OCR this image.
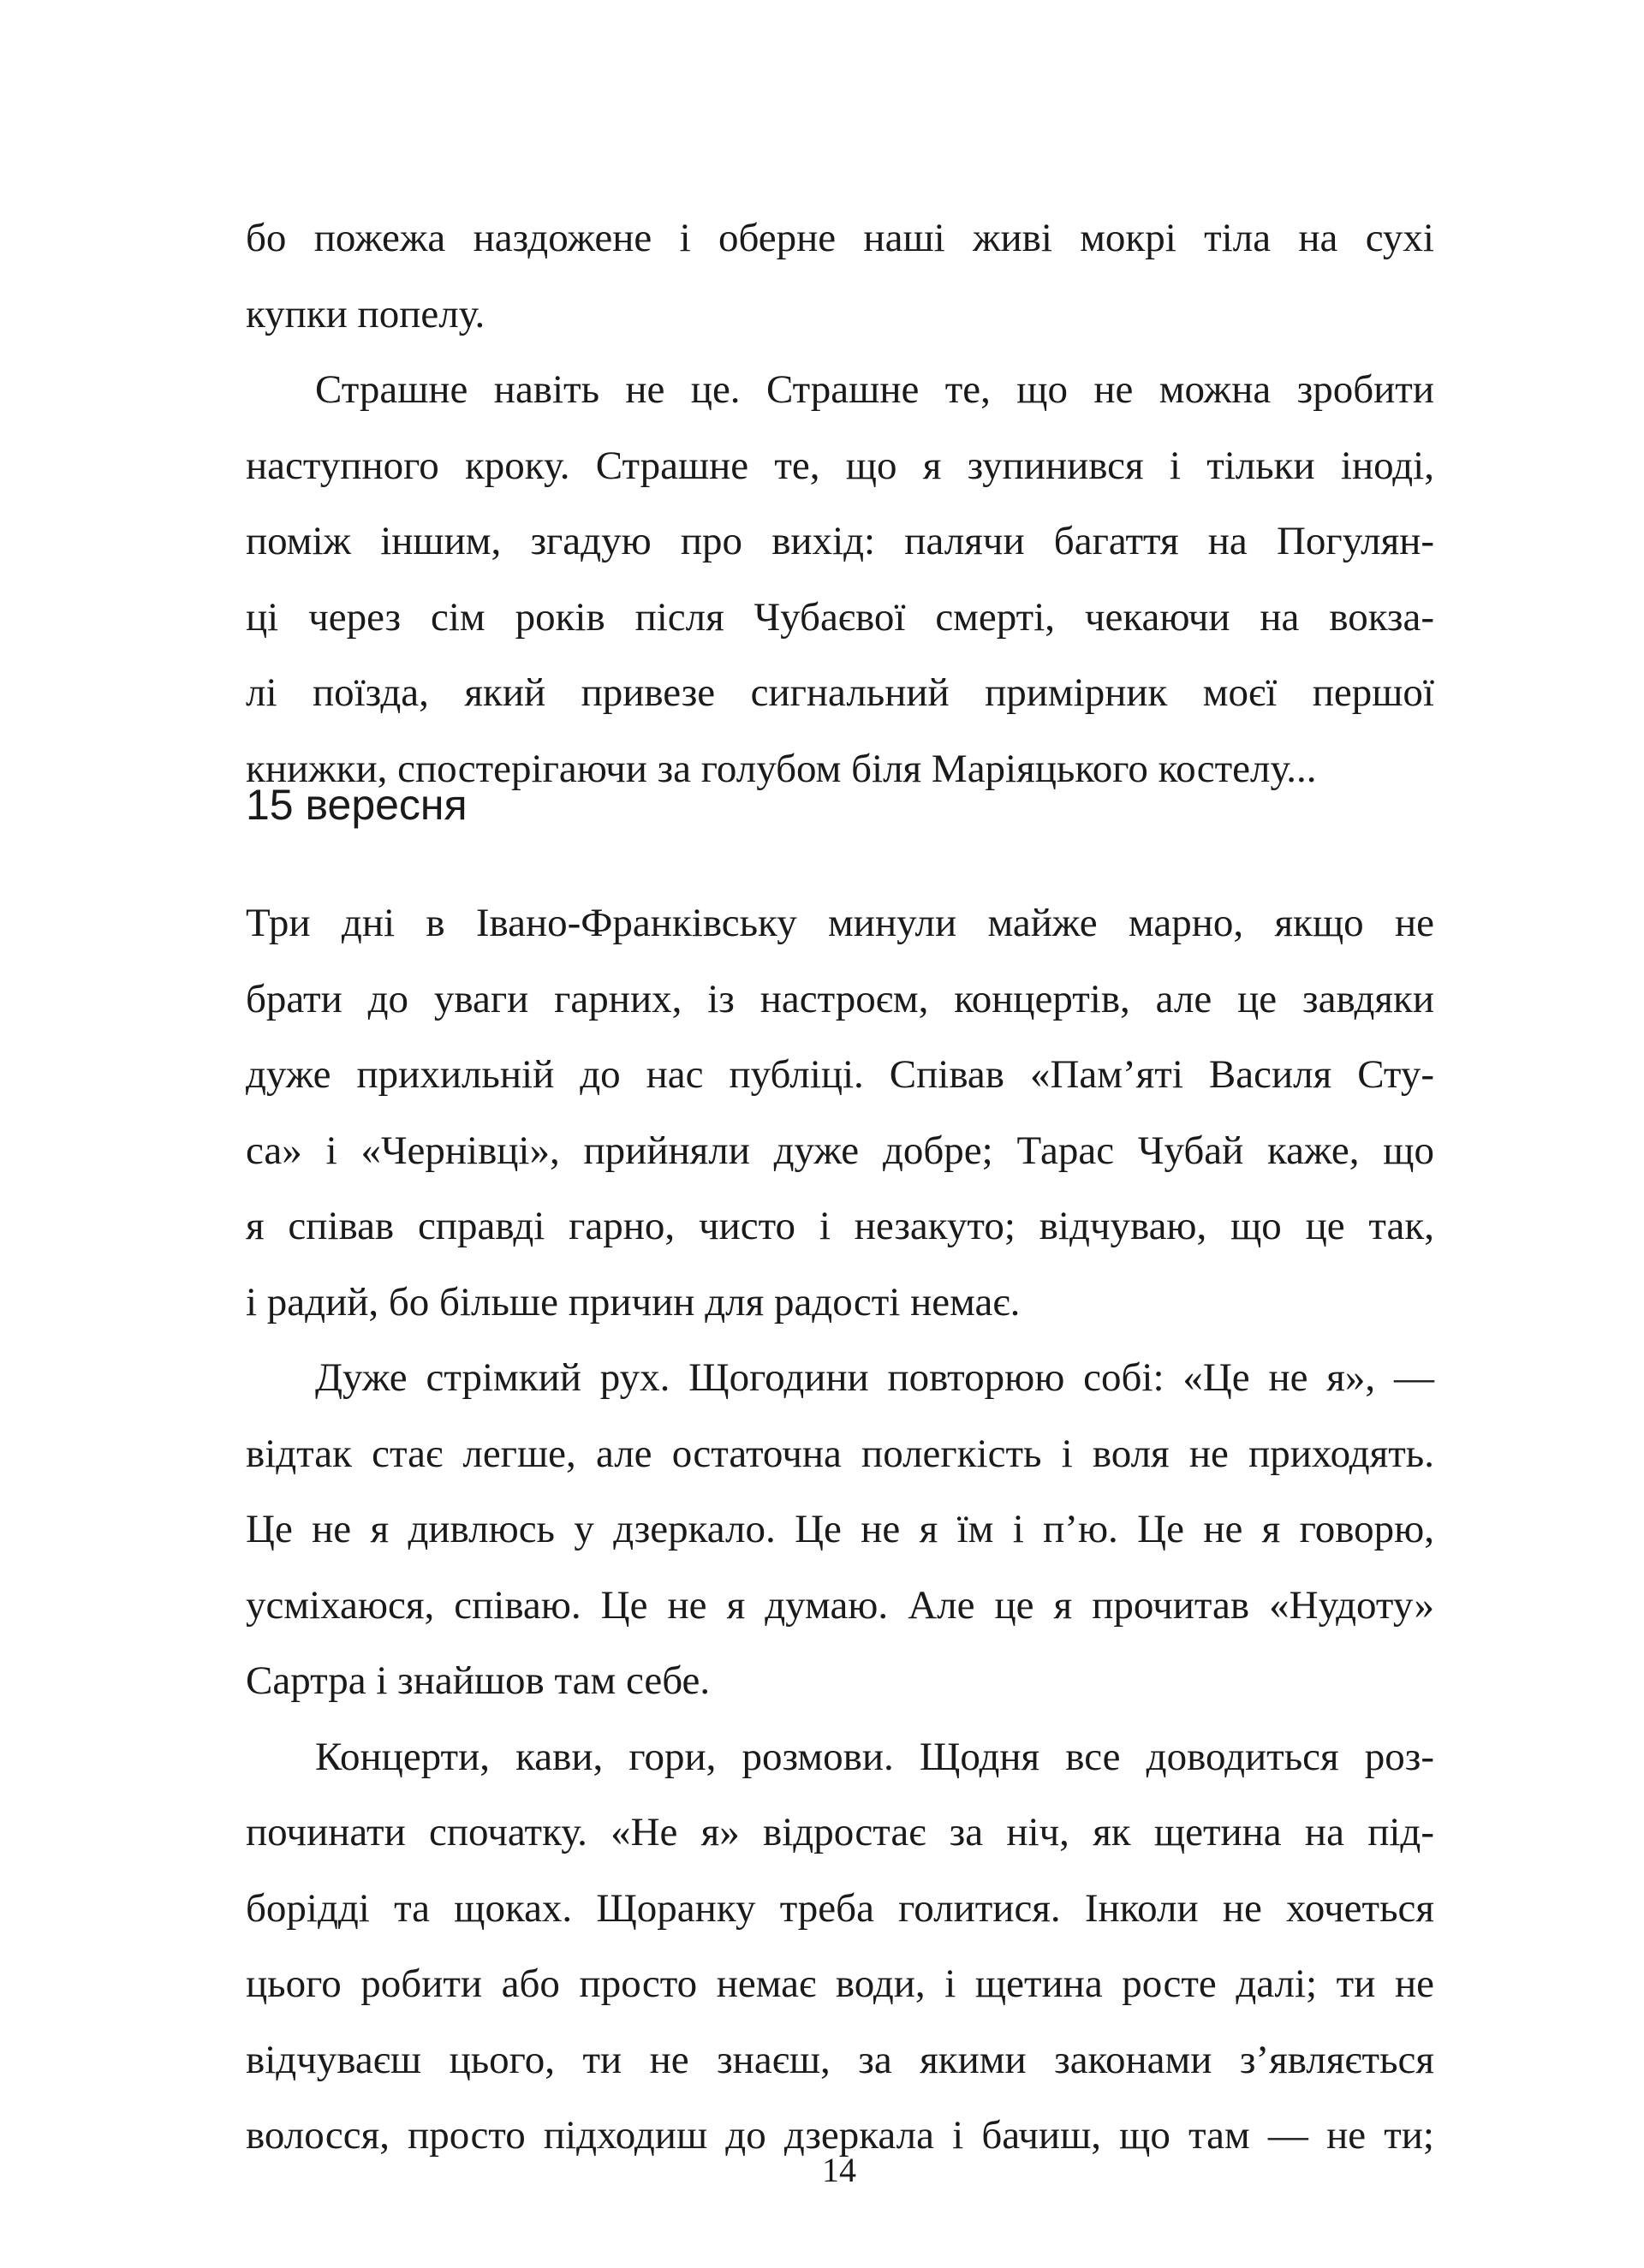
бо пожежа наздожене і оберне наші живі мокрі тіла на сухі
купки попелу.
Страшне навіть не це. Страшне те, що не можна зробити
наступного кроку. Страшне те, що я зупинився і тільки іноді,
поміж іншим, згадую про вихід: палячи багаття на Погулян-
ці через сім років після Чубаєвої смерті, чекаючи на вокза-
лі поїзда, який привезе сигнальний примірник моєї першої
книжки, спостерігаючи за голубом біля Маріяцького костелу...
Три дні в Івано-Франківську минули майже марно, якщо не
брати до уваги гарних, із настроєм, концертів, але це завдяки
дуже прихильній до нас публіці. Співав «Пам’яті Василя Сту-
са» і «Чернівці», прийняли дуже добре; Тарас Чубай каже, що
я співав справді гарно, чисто і незакуто; відчуваю, що це так,
і радий, бо більше причин для радості немає.
Дуже стрімкий рух. Щогодини повторюю собі: «Це не я», —
відтак стає легше, але остаточна полегкість і воля не приходять.
Це не я дивлюсь у дзеркало. Це не я їм і п’ю. Це не я говорю,
усміхаюся, співаю. Це не я думаю. Але це я прочитав «Нудоту»
Сартра і знайшов там себе.
Концерти, кави, гори, розмови. Щодня все доводиться роз-
починати спочатку. «Не я» відростає за ніч, як щетина на під-
борідді та щоках. Щоранку треба голитися. Інколи не хочеться
цього робити або просто немає води, і щетина росте далі; ти не
відчуваєш цього, ти не знаєш, за якими законами з’являється
волосся, просто підходиш до дзеркала і бачиш, що там — не ти;
15 вересня
14
